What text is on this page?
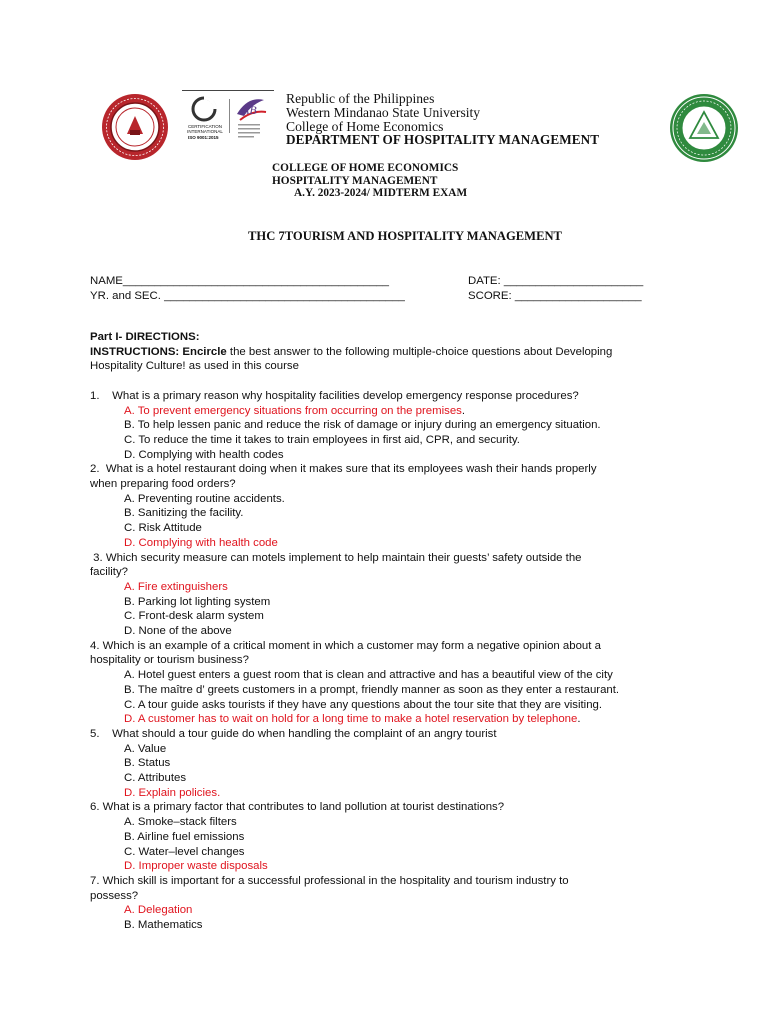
AB
CERTIFICATION INTERNATIONAL
ISO 9001:2015
Republic of the Philippines
Western Mindanao State University
College of Home Economics
DEPARTMENT OF HOSPITALITY MANAGEMENT
COLLEGE OF HOME ECONOMICS
HOSPITALITY MANAGEMENT
A.Y. 2023-2024/ MIDTERM EXAM
THC 7TOURISM AND HOSPITALITY MANAGEMENT
NAME__________________________________________	DATE: ______________________
YR. and SEC. ______________________________________	SCORE: ____________________
Part I- DIRECTIONS:
INSTRUCTIONS: Encircle the best answer to the following multiple-choice questions about Developing
Hospitality Culture! as used in this course
1.    What is a primary reason why hospitality facilities develop emergency response procedures?
A. To prevent emergency situations from occurring on the premises.
B. To help lessen panic and reduce the risk of damage or injury during an emergency situation.
C. To reduce the time it takes to train employees in first aid, CPR, and security.
D. Complying with health codes
2.  What is a hotel restaurant doing when it makes sure that its employees wash their hands properly
when preparing food orders?
A. Preventing routine accidents.
B. Sanitizing the facility.
C. Risk Attitude
D. Complying with health code
3. Which security measure can motels implement to help maintain their guests’ safety outside the
facility?
A. Fire extinguishers
B. Parking lot lighting system
C. Front-desk alarm system
D. None of the above
4. Which is an example of a critical moment in which a customer may form a negative opinion about a
hospitality or tourism business?
A. Hotel guest enters a guest room that is clean and attractive and has a beautiful view of the city
B. The maître d’ greets customers in a prompt, friendly manner as soon as they enter a restaurant.
C. A tour guide asks tourists if they have any questions about the tour site that they are visiting.
D. A customer has to wait on hold for a long time to make a hotel reservation by telephone.
5.    What should a tour guide do when handling the complaint of an angry tourist
A. Value
B. Status
C. Attributes
D. Explain policies.
6. What is a primary factor that contributes to land pollution at tourist destinations?
A. Smoke–stack filters
B. Airline fuel emissions
C. Water–level changes
D. Improper waste disposals
7. Which skill is important for a successful professional in the hospitality and tourism industry to
possess?
A. Delegation
B. Mathematics
